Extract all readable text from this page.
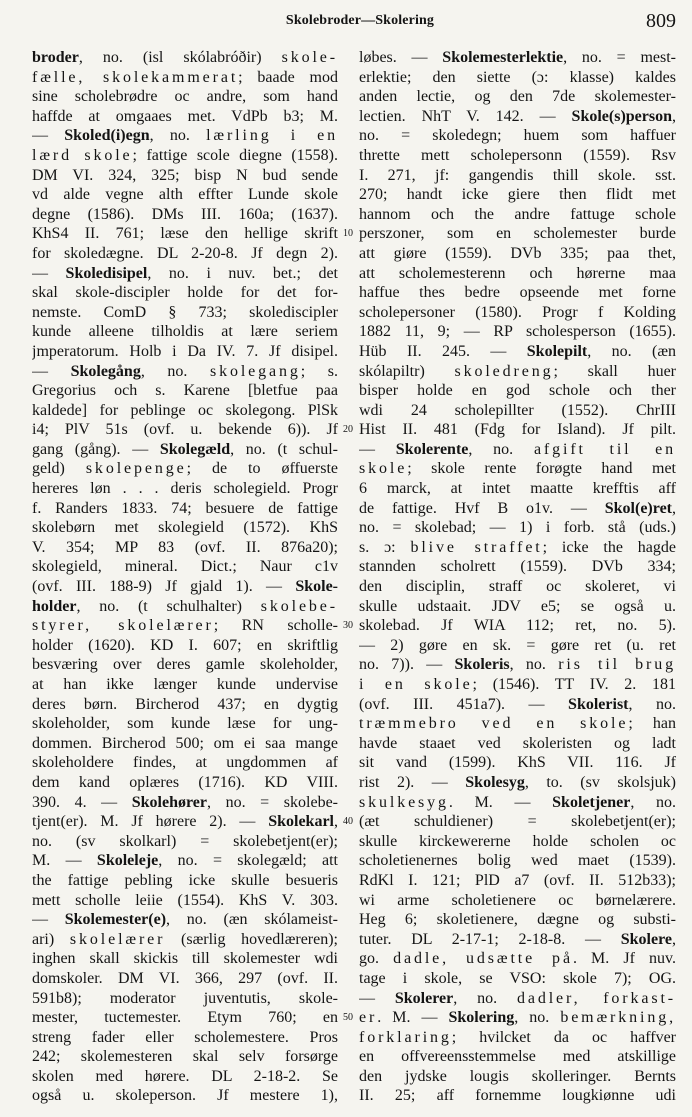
Skolebroder—Skolering	809
broder, no. (isl skólabróðir) skole-
fælle, skolekammerat; baade mod
sine scholebrødre oc andre, som hand
haffde at omgaaes met. VdPb b3; M.
— Skoled(i)egn, no. lærling i en
lærd skole; fattige scole diegne (1558).
DM VI. 324, 325; bisp N bud sende
vd alde vegne alth effter Lunde skole
degne (1586). DMs III. 160a; (1637).
KhS4 II. 761; læse den hellige skrift
for skoledægne. DL 2-20-8. Jf degn 2).
— Skoledisipel, no. i nuv. bet.; det
skal skole-discipler holde for det for-
nemste. ComD § 733; skolediscipler
kunde alleene tilholdis at lære seriem
jmperatorum. Holb i Da IV. 7. Jf disipel.
— Skolegång, no. skolegang; s.
Gregorius och s. Karene [bletfue paa
kaldede] for peblinge oc skolegong. PlSk
i4; PlV 51s (ovf. u. bekende 6)). Jf
gang (gång). — Skolegæld, no. (t schul-
geld) skolepenge; de to øffuerste
hereres løn . . . deris scholegield. Progr
f. Randers 1833. 74; besuere de fattige
skolebørn met skolegield (1572). KhS
V. 354; MP 83 (ovf. II. 876a20);
skolegield, mineral. Dict.; Naur c1v
(ovf. III. 188-9) Jf gjald 1). — Skole-
holder, no. (t schulhalter) skolebe-
styrer, skolelærer; RN scholle-
holder (1620). KD I. 607; en skriftlig
besværing over deres gamle skoleholder,
at han ikke længer kunde undervise
deres børn. Bircherod 437; en dygtig
skoleholder, som kunde læse for ung-
dommen. Bircherod 500; om ei saa mange
skoleholdere findes, at ungdommen af
dem kand oplæres (1716). KD VIII.
390. 4. — Skolehører, no. = skolebe-
tjent(er). M. Jf hørere 2). — Skolekarl,
no. (sv skolkarl) = skolebetjent(er);
M. — Skoleleje, no. = skolegæld; att
the fattige pebling icke skulle besueris
mett scholle leiie (1554). KhS V. 303.
— Skolemester(e), no. (æn skólameist-
ari) skolelærer (særlig hovedlæreren);
inghen skall skickis till skolemester wdi
domskoler. DM VI. 366, 297 (ovf. II.
591b8); moderator juventutis, skole-
mester, tuctemester. Etym 760; en
streng fader eller scholemestere. Pros
242; skolemesteren skal selv forsørge
skolen med hørere. DL 2-18-2. Se
også u. skoleperson. Jf mestere 1),
10
20
30
40
50
løbes. — Skolemesterlektie, no. = mest-
erlektie; den siette (ɔ: klasse) kaldes
anden lectie, og den 7de skolemester-
lectien. NhT V. 142. — Skole(s)person,
no. = skoledegn; huem som haffuer
thrette mett scholepersonn (1559). Rsv
I. 271, jf: gangendis thill skole. sst.
270; handt icke giere then flidt met
hannom och the andre fattuge schole
perszoner, som en scholemester burde
att giøre (1559). DVb 335; paa thet,
att scholemesterenn och hørerne maa
haffue thes bedre opseende met forne
scholepersoner (1580). Progr f Kolding
1882 11, 9; — RP scholesperson (1655).
Hüb II. 245. — Skolepilt, no. (æn
skólapiltr) skoledreng; skall huer
bisper holde en god schole och ther
wdi 24 scholepillter (1552). ChrIII
Hist II. 481 (Fdg for Island). Jf pilt.
— Skolerente, no. afgift til en
skole; skole rente forøgte hand met
6 marck, at intet maatte krefftis aff
de fattige. Hvf B o1v. — Skol(e)ret,
no. = skolebad; — 1) i forb. stå (uds.)
s. ɔ: blive straffet; icke the hagde
stannden scholrett (1559). DVb 334;
den disciplin, straff oc skoleret, vi
skulle udstaait. JDV e5; se også u.
skolebad. Jf WIA 112; ret, no. 5).
— 2) gøre en sk. = gøre ret (u. ret
no. 7)). — Skoleris, no. ris til brug
i en skole; (1546). TT IV. 2. 181
(ovf. III. 451a7). — Skolerist, no.
træmmebro ved en skole; han
havde staaet ved skoleristen og ladt
sit vand (1599). KhS VII. 116. Jf
rist 2). — Skolesyg, to. (sv skolsjuk)
skulkesyg. M. — Skoletjener, no.
(æt schuldiener) = skolebetjent(er);
skulle kirckewererne holde scholen oc
scholetienernes bolig wed maet (1539).
RdKl I. 121; PlD a7 (ovf. II. 512b33);
wi arme scholetienere oc børnelærere.
Heg 6; skoletienere, dægne og substi-
tuter. DL 2-17-1; 2-18-8. — Skolere,
go. dadle, udsætte på. M. Jf nuv.
tage i skole, se VSO: skole 7); OG.
— Skolerer, no. dadler, forkast-
er. M. — Skolering, no. bemærkning,
forklaring; hvilcket da oc haffver
en offvereensstemmelse med atskillige
den jydske lougis skolleringer. Bernts
II. 25; aff fornemme lougkiønne udi
